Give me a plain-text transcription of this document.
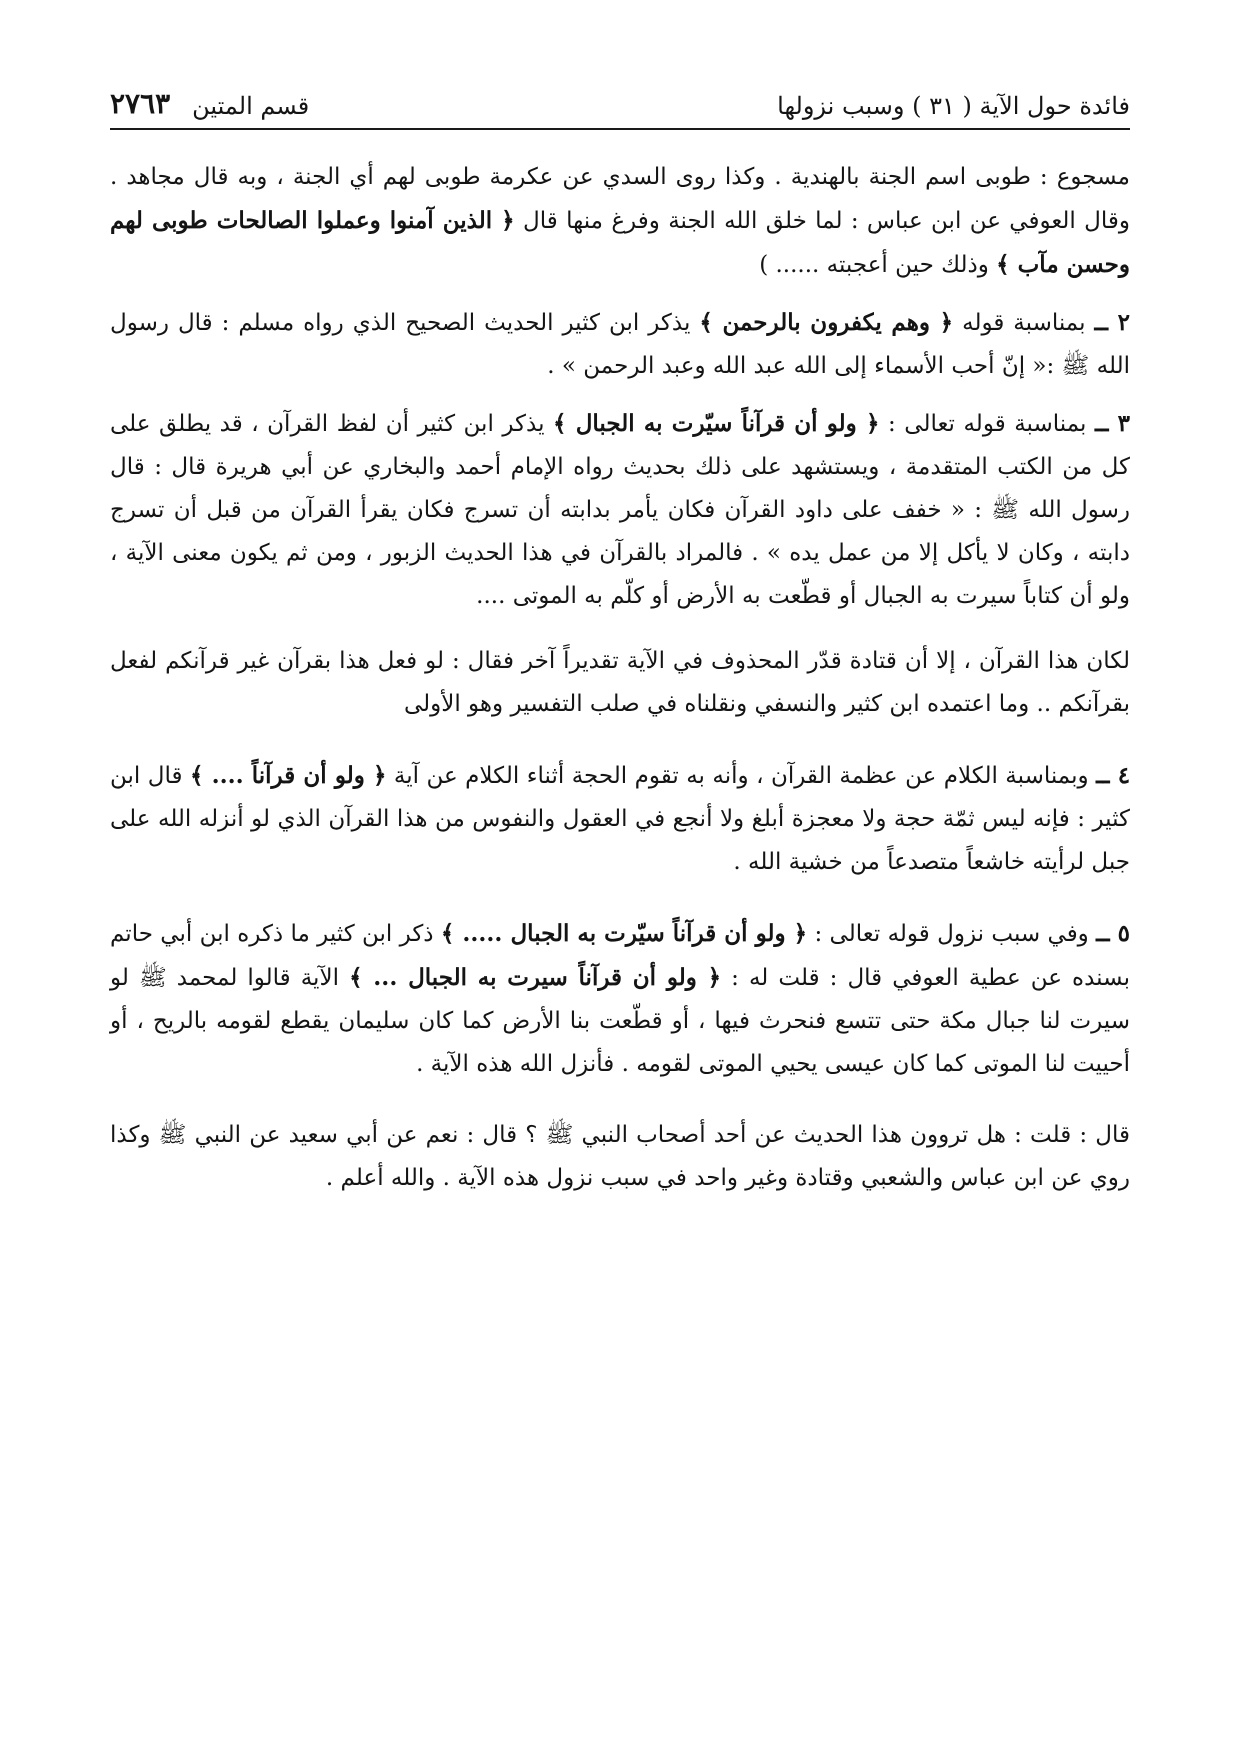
فائدة حول الآية ( ٣١ ) وسبب نزولها
قسم المتين
٢٧٦٣

مسجوع : طوبى اسم الجنة بالهندية . وكذا روى السدي عن عكرمة طوبى لهم أي الجنة ، وبه قال مجاهد . وقال العوفي عن ابن عباس : لما خلق الله الجنة وفرغ منها قال ﴿ الذين آمنوا وعملوا الصالحات طوبى لهم وحسن مآب ﴾ وذلك حين أعجبته ...... )

٢ ــ بمناسبة قوله ﴿ وهم يكفرون بالرحمن ﴾ يذكر ابن كثير الحديث الصحيح الذي رواه مسلم : قال رسول الله ﷺ :« إنّ أحب الأسماء إلى الله عبد الله وعبد الرحمن » .

٣ ــ بمناسبة قوله تعالى : ﴿ ولو أن قرآناً سيّرت به الجبال ﴾ يذكر ابن كثير أن لفظ القرآن ، قد يطلق على كل من الكتب المتقدمة ، ويستشهد على ذلك بحديث رواه الإمام أحمد والبخاري عن أبي هريرة قال : قال رسول الله ﷺ : « خفف على داود القرآن فكان يأمر بدابته أن تسرج فكان يقرأ القرآن من قبل أن تسرج دابته ، وكان لا يأكل إلا من عمل يده » . فالمراد بالقرآن في هذا الحديث الزبور ، ومن ثم يكون معنى الآية ، ولو أن كتاباً سيرت به الجبال أو قطّعت به الأرض أو كلّم به الموتى ....

لكان هذا القرآن ، إلا أن قتادة قدّر المحذوف في الآية تقديراً آخر فقال : لو فعل هذا بقرآن غير قرآنكم لفعل بقرآنكم .. وما اعتمده ابن كثير والنسفي ونقلناه في صلب التفسير وهو الأولى

٤ ــ وبمناسبة الكلام عن عظمة القرآن ، وأنه به تقوم الحجة أثناء الكلام عن آية ﴿ ولو أن قرآناً .... ﴾ قال ابن كثير : فإنه ليس ثمّة حجة ولا معجزة أبلغ ولا أنجع في العقول والنفوس من هذا القرآن الذي لو أنزله الله على جبل لرأيته خاشعاً متصدعاً من خشية الله .

٥ ــ وفي سبب نزول قوله تعالى : ﴿ ولو أن قرآناً سيّرت به الجبال ..... ﴾ ذكر ابن كثير ما ذكره ابن أبي حاتم بسنده عن عطية العوفي قال : قلت له : ﴿ ولو أن قرآناً سيرت به الجبال ... ﴾ الآية قالوا لمحمد ﷺ لو سيرت لنا جبال مكة حتى تتسع فنحرث فيها ، أو قطّعت بنا الأرض كما كان سليمان يقطع لقومه بالريح ، أو أحييت لنا الموتى كما كان عيسى يحيي الموتى لقومه . فأنزل الله هذه الآية .

قال : قلت : هل تروون هذا الحديث عن أحد أصحاب النبي ﷺ ؟ قال : نعم عن أبي سعيد عن النبي ﷺ وكذا روي عن ابن عباس والشعبي وقتادة وغير واحد في سبب نزول هذه الآية . والله أعلم .
